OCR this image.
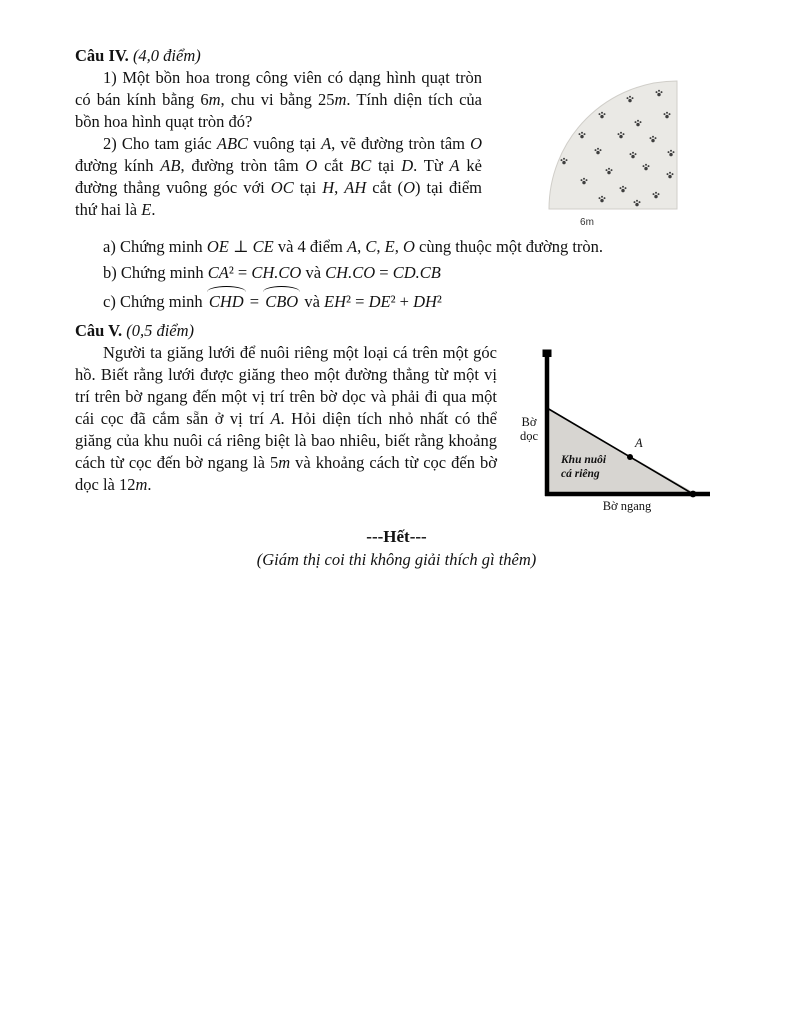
Câu IV. (4,0 điểm)

6m

1) Một bồn hoa trong công viên có dạng hình quạt tròn có bán kính bằng 6m, chu vi bằng 25m. Tính diện tích của bồn hoa hình quạt tròn đó?

2) Cho tam giác ABC vuông tại A, vẽ đường tròn tâm O đường kính AB, đường tròn tâm O cắt BC tại D. Từ A kẻ đường thẳng vuông góc với OC tại H, AH cắt (O) tại điểm thứ hai là E.

a) Chứng minh OE ⊥ CE và 4 điểm A, C, E, O cùng thuộc một đường tròn.

b) Chứng minh CA² = CH.CO và CH.CO = CD.CB

c) Chứng minh CHD = CBO và EH² = DE² + DH²

Câu V. (0,5 điểm)

A
Bờ
dọc
Khu nuôi
cá riêng
Bờ ngang

Người ta giăng lưới để nuôi riêng một loại cá trên một góc hồ. Biết rằng lưới được giăng theo một đường thẳng từ một vị trí trên bờ ngang đến một vị trí trên bờ dọc và phải đi qua một cái cọc đã cắm sẵn ở vị trí A. Hỏi diện tích nhỏ nhất có thể giăng của khu nuôi cá riêng biệt là bao nhiêu, biết rằng khoảng cách từ cọc đến bờ ngang là 5m và khoảng cách từ cọc đến bờ dọc là 12m.

---Hết---

(Giám thị coi thi không giải thích gì thêm)
